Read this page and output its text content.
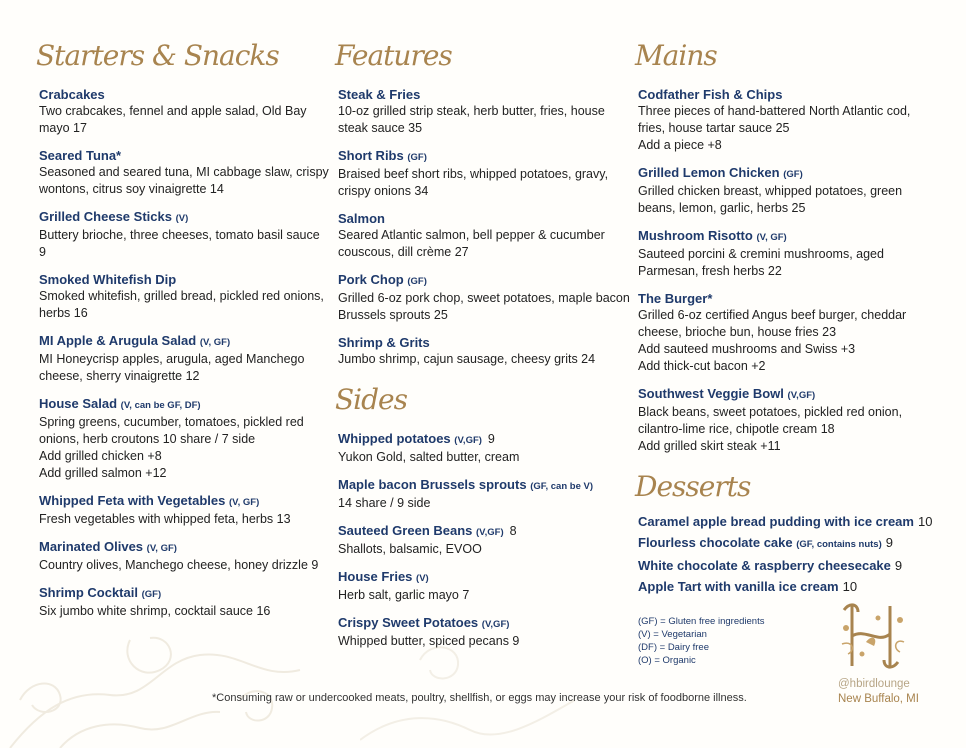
Starters & Snacks
Crabcakes
Two crabcakes, fennel and apple salad, Old Bay mayo 17
Seared Tuna*
Seasoned and seared tuna, MI cabbage slaw, crispy wontons, citrus soy vinaigrette 14
Grilled Cheese Sticks (V)
Buttery brioche, three cheeses, tomato basil sauce 9
Smoked Whitefish Dip
Smoked whitefish, grilled bread, pickled red onions, herbs 16
MI Apple & Arugula Salad (V, GF)
MI Honeycrisp apples, arugula, aged Manchego cheese, sherry vinaigrette 12
House Salad (V, can be GF, DF)
Spring greens, cucumber, tomatoes, pickled red onions, herb croutons 10 share / 7 side
Add grilled chicken +8
Add grilled salmon +12
Whipped Feta with Vegetables (V, GF)
Fresh vegetables with whipped feta, herbs 13
Marinated Olives (V, GF)
Country olives, Manchego cheese, honey drizzle 9
Shrimp Cocktail (GF)
Six jumbo white shrimp, cocktail sauce 16
Features
Steak & Fries
10-oz grilled strip steak, herb butter, fries, house steak sauce 35
Short Ribs (GF)
Braised beef short ribs, whipped potatoes, gravy, crispy onions 34
Salmon
Seared Atlantic salmon, bell pepper & cucumber couscous, dill crème 27
Pork Chop (GF)
Grilled 6-oz pork chop, sweet potatoes, maple bacon Brussels sprouts 25
Shrimp & Grits
Jumbo shrimp, cajun sausage, cheesy grits 24
Sides
Whipped potatoes (V,GF) 9
Yukon Gold, salted butter, cream
Maple bacon Brussels sprouts (GF, can be V)
14 share / 9 side
Sauteed Green Beans (V,GF) 8
Shallots, balsamic, EVOO
House Fries (V)
Herb salt, garlic mayo 7
Crispy Sweet Potatoes (V,GF)
Whipped butter, spiced pecans 9
Mains
Codfather Fish & Chips
Three pieces of hand-battered North Atlantic cod, fries, house tartar sauce 25
Add a piece +8
Grilled Lemon Chicken (GF)
Grilled chicken breast, whipped potatoes, green beans, lemon, garlic, herbs 25
Mushroom Risotto (V, GF)
Sauteed porcini & cremini mushrooms, aged Parmesan, fresh herbs 22
The Burger*
Grilled 6-oz certified Angus beef burger, cheddar cheese, brioche bun, house fries 23
Add sauteed mushrooms and Swiss +3
Add thick-cut bacon +2
Southwest Veggie Bowl (V,GF)
Black beans, sweet potatoes, pickled red onion, cilantro-lime rice, chipotle cream 18
Add grilled skirt steak +11
Desserts
Caramel apple bread pudding with ice cream 10
Flourless chocolate cake (GF, contains nuts) 9
White chocolate & raspberry cheesecake 9
Apple Tart with vanilla ice cream 10
(GF) = Gluten free ingredients
(V) = Vegetarian
(DF) = Dairy free
(O) = Organic
@hbirdlounge
New Buffalo, MI
*Consuming raw or undercooked meats, poultry, shellfish, or eggs may increase your risk of foodborne illness.
